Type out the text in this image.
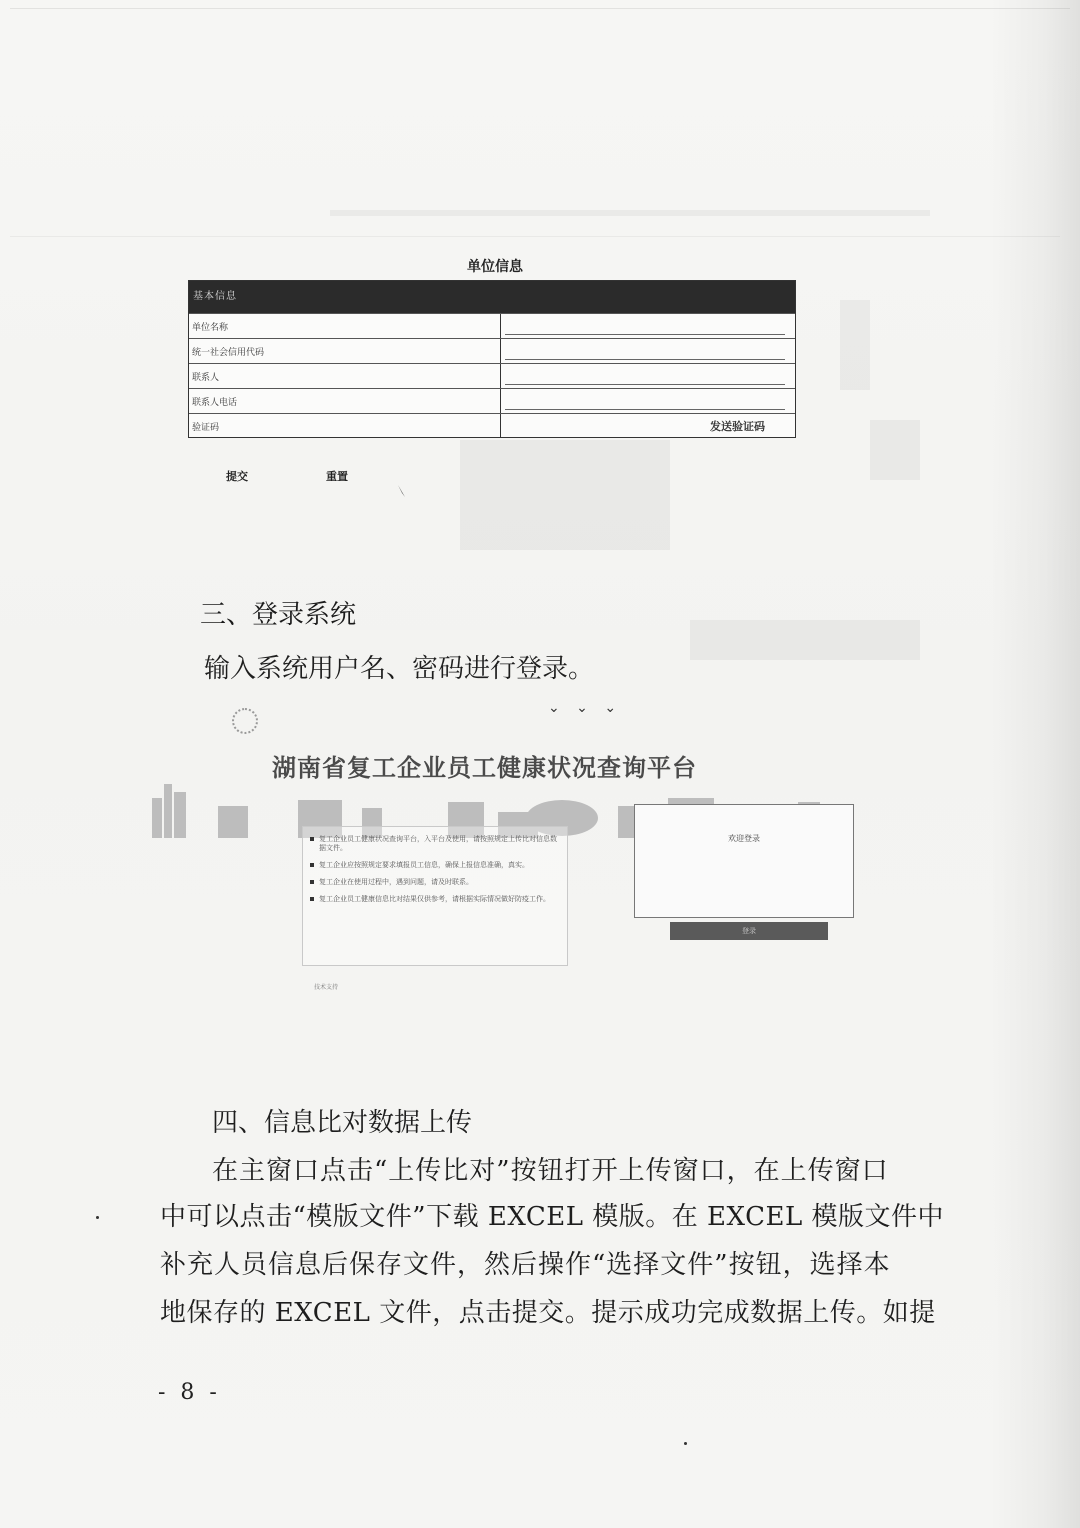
单位信息
基本信息
单位名称
统一社会信用代码
联系人
联系人电话
验证码	发送验证码
提交	重置
三、登录系统
输入系统用户名、密码进行登录。
⌄ ⌄ ⌄
湖南省复工企业员工健康状况查询平台
复工企业员工健康状况查询平台，入平台及使用，请按照规定上传比对信息数据文件。
复工企业应按照规定要求填报员工信息，确保上报信息准确，真实。
复工企业在使用过程中，遇到问题，请及时联系。
复工企业员工健康信息比对结果仅供参考，请根据实际情况做好防疫工作。
技术支持
欢迎登录
登录
四、信息比对数据上传
在主窗口点击“上传比对”按钮打开上传窗口，在上传窗口
中可以点击“模版文件”下载 EXCEL 模版。在 EXCEL 模版文件中
补充人员信息后保存文件，然后操作“选择文件”按钮，选择本
地保存的 EXCEL 文件，点击提交。提示成功完成数据上传。如提
- 8 -
